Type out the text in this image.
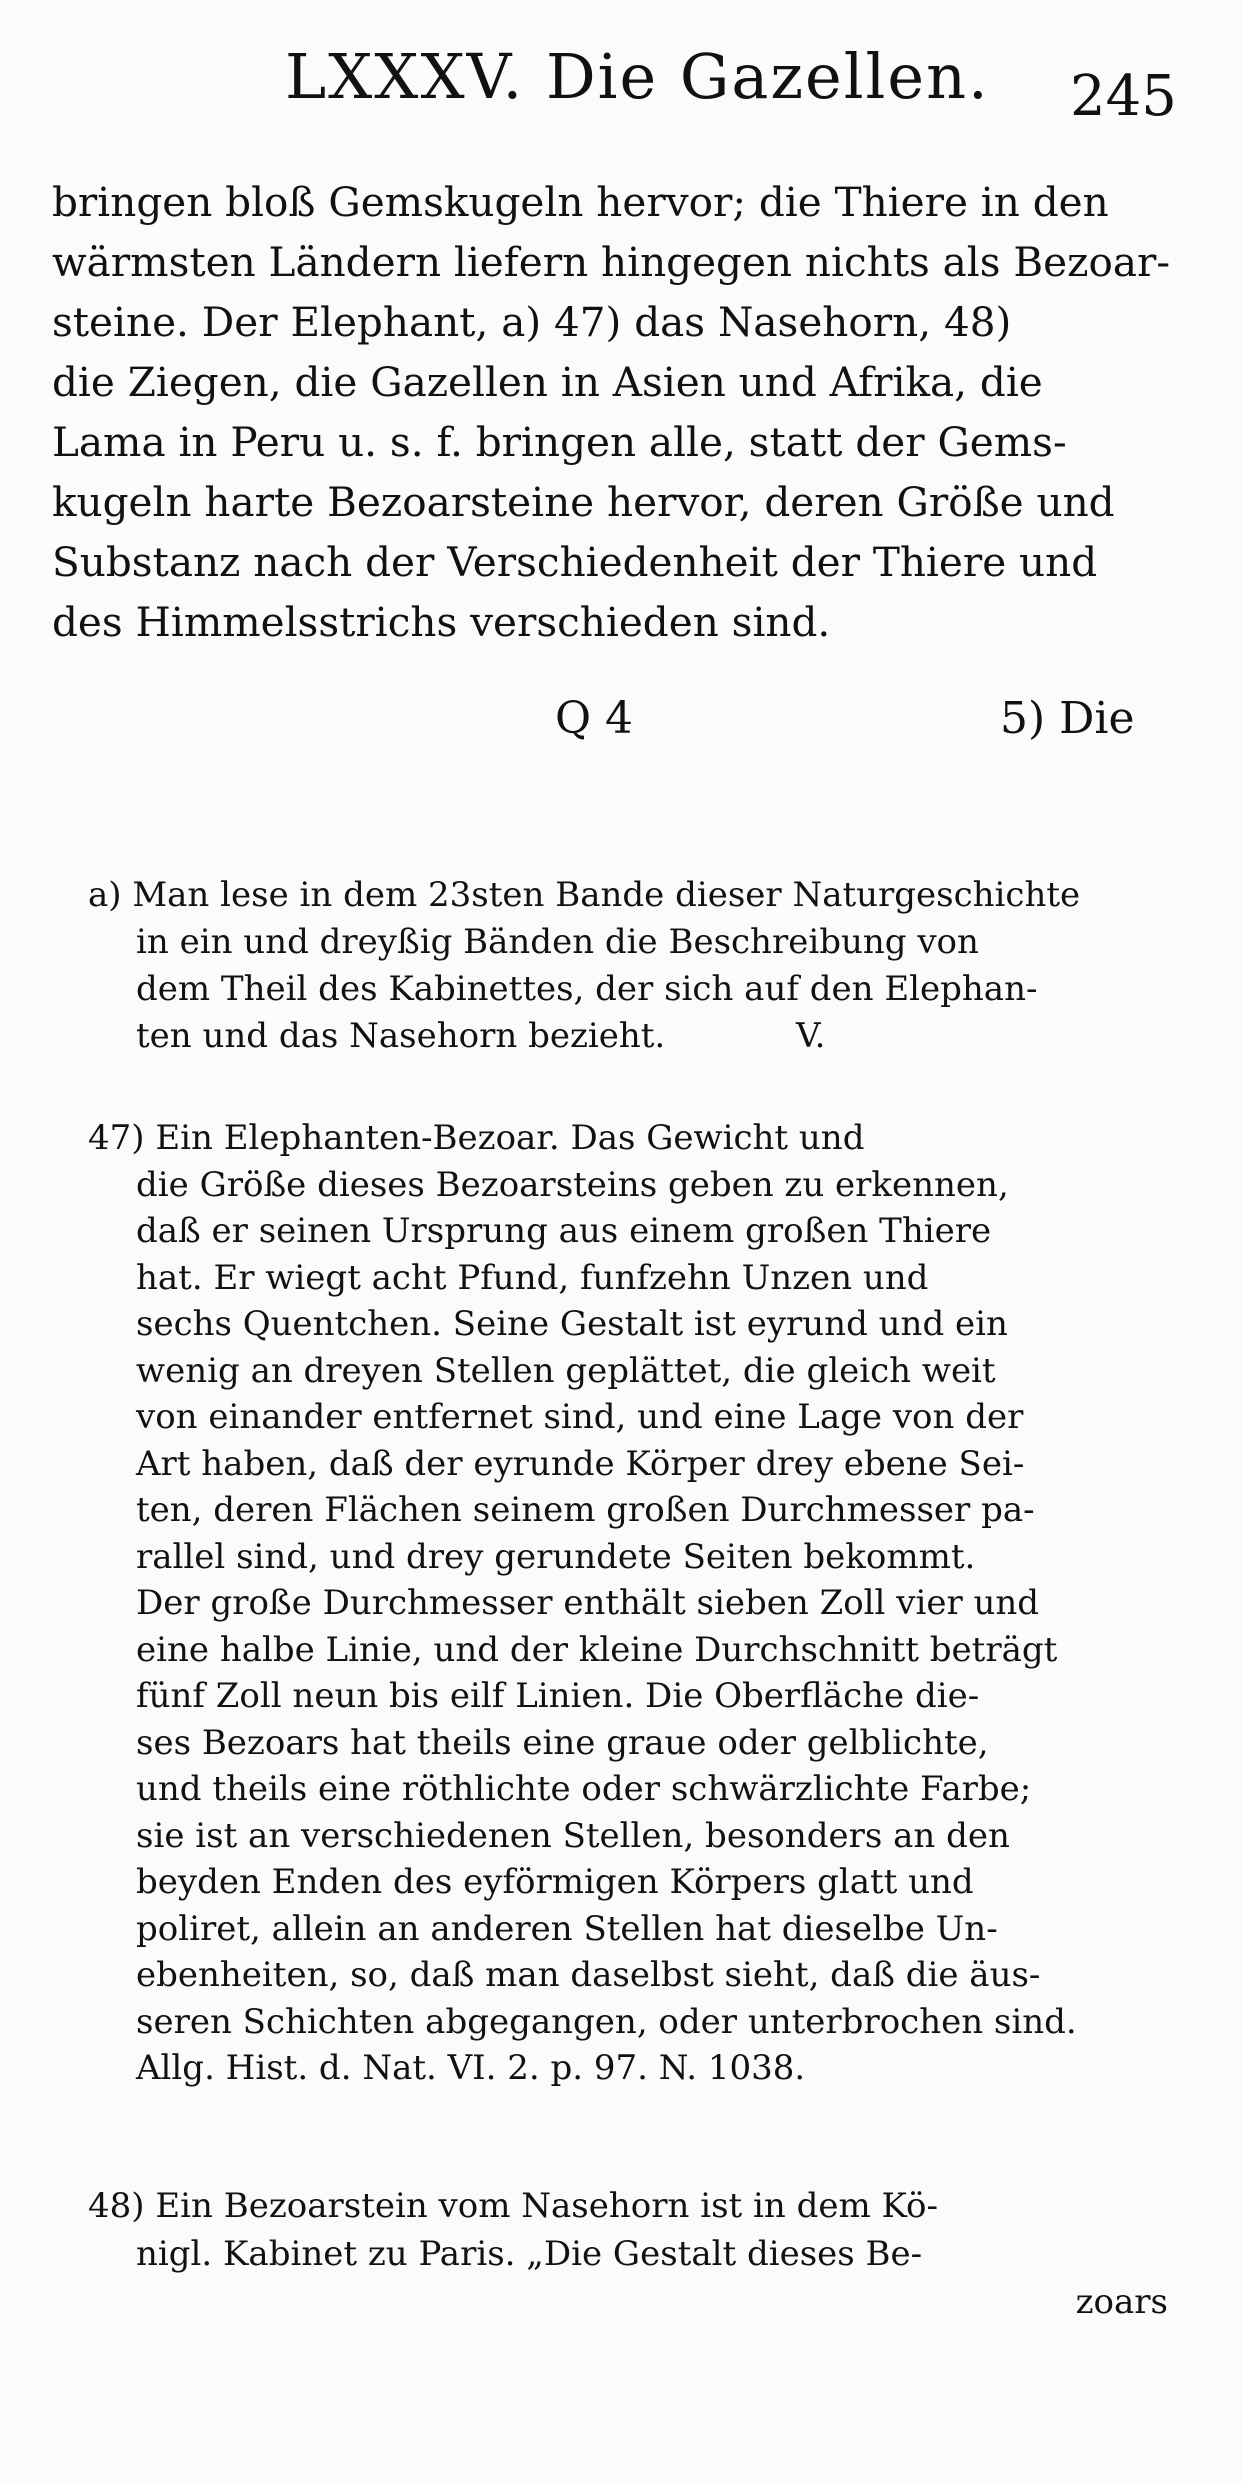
LXXXV. Die Gazellen. 245
bringen bloß Gemskugeln hervor; die Thiere in den
wärmsten Ländern liefern hingegen nichts als Bezoar-
steine. Der Elephant, a) 47) das Nasehorn, 48)
die Ziegen, die Gazellen in Asien und Afrika, die
Lama in Peru u. s. f. bringen alle, statt der Gems-
kugeln harte Bezoarsteine hervor, deren Größe und
Substanz nach der Verschiedenheit der Thiere und
des Himmelsstrichs verschieden sind.
Q 4	5) Die
a) Man lese in dem 23sten Bande dieser Naturgeschichte
in ein und dreyßig Bänden die Beschreibung von
dem Theil des Kabinettes, der sich auf den Elephan-
ten und das Nasehorn bezieht.	V.
47) Ein Elephanten-Bezoar. Das Gewicht und
die Größe dieses Bezoarsteins geben zu erkennen,
daß er seinen Ursprung aus einem großen Thiere
hat. Er wiegt acht Pfund, funfzehn Unzen und
sechs Quentchen. Seine Gestalt ist eyrund und ein
wenig an dreyen Stellen geplättet, die gleich weit
von einander entfernet sind, und eine Lage von der
Art haben, daß der eyrunde Körper drey ebene Sei-
ten, deren Flächen seinem großen Durchmesser pa-
rallel sind, und drey gerundete Seiten bekommt.
Der große Durchmesser enthält sieben Zoll vier und
eine halbe Linie, und der kleine Durchschnitt beträgt
fünf Zoll neun bis eilf Linien. Die Oberfläche die-
ses Bezoars hat theils eine graue oder gelblichte,
und theils eine röthlichte oder schwärzlichte Farbe;
sie ist an verschiedenen Stellen, besonders an den
beyden Enden des eyförmigen Körpers glatt und
poliret, allein an anderen Stellen hat dieselbe Un-
ebenheiten, so, daß man daselbst sieht, daß die äus-
seren Schichten abgegangen, oder unterbrochen sind.
Allg. Hist. d. Nat. VI. 2. p. 97. N. 1038.
48) Ein Bezoarstein vom Nasehorn ist in dem Kö-
nigl. Kabinet zu Paris. „Die Gestalt dieses Be-
zoars
